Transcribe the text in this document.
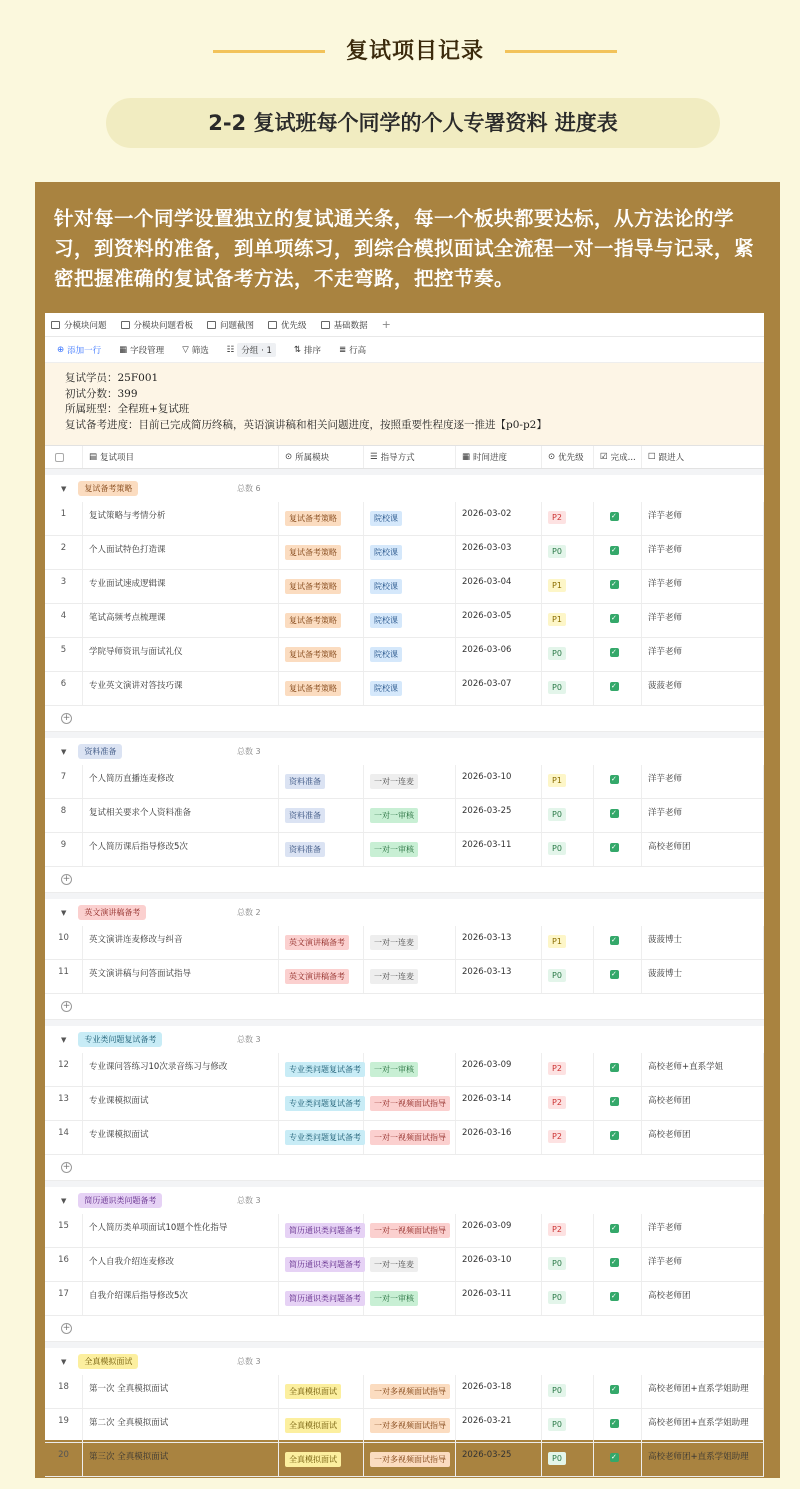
复试项目记录
2-2 复试班每个同学的个人专署资料 进度表
针对每一个同学设置独立的复试通关条，每一个板块都要达标，从方法论的学习，到资料的准备，到单项练习，到综合模拟面试全流程一对一指导与记录，紧密把握准确的复试备考方法，不走弯路，把控节奏。
分模块问题	分模块问题看板	问题截图	优先级	基础数据 +
⊕ 添加一行 ▦ 字段管理 ▽ 筛选 ☷ 分组 · 1	⇅ 排序 ≣ 行高
复试学员：25F001
初试分数：399
所属班型：全程班+复试班
复试备考进度：目前已完成简历终稿，英语演讲稿和相关问题进度，按照重要性程度逐一推进【p0-p2】
▤ 复试项目	⊙ 所属模块	☰ 指导方式	▦ 时间进度	⊙ 优先级 ☑ 完成... ☐ 跟进人
▼	复试备考策略	总数 6
1	复试策略与考情分析	复试备考策略	院校课	2026-03-02	P2 ✓	洋芋老师
2	个人面试特色打造课	复试备考策略	院校课	2026-03-03	P0 ✓	洋芋老师
3	专业面试速成逻辑课	复试备考策略	院校课	2026-03-04	P1 ✓	洋芋老师
4	笔试高频考点梳理课	复试备考策略	院校课	2026-03-05	P1 ✓	洋芋老师
5	学院导师资讯与面试礼仪	复试备考策略	院校课	2026-03-06	P0 ✓	洋芋老师
6	专业英文演讲对答技巧课	复试备考策略	院校课	2026-03-07	P0 ✓	菠菠老师
+
▼	资料准备	总数 3
7	个人简历直播连麦修改	资料准备	一对一连麦	2026-03-10	P1 ✓	洋芋老师
8	复试相关要求个人资料准备	资料准备	一对一审核	2026-03-25	P0 ✓	洋芋老师
9	个人简历课后指导修改5次	资料准备	一对一审核	2026-03-11	P0 ✓	高校老师团
+
▼	英文演讲稿备考	总数 2
10	英文演讲连麦修改与纠音	英文演讲稿备考	一对一连麦	2026-03-13	P1 ✓	菠菠博士
11	英文演讲稿与问答面试指导	英文演讲稿备考	一对一连麦	2026-03-13	P0 ✓	菠菠博士
+
▼	专业类问题复试备考	总数 3
12	专业课问答练习10次录音练习与修改	专业类问题复试备考	一对一审核	2026-03-09	P2 ✓	高校老师+直系学姐
13	专业课模拟面试	专业类问题复试备考	一对一视频面试指导	2026-03-14	P2 ✓	高校老师团
14	专业课模拟面试	专业类问题复试备考	一对一视频面试指导	2026-03-16	P2 ✓	高校老师团
+
▼	简历通识类问题备考	总数 3
15	个人简历类单项面试10题个性化指导	简历通识类问题备考	一对一视频面试指导	2026-03-09	P2 ✓	洋芋老师
16	个人自我介绍连麦修改	简历通识类问题备考	一对一连麦	2026-03-10	P0 ✓	洋芋老师
17	自我介绍课后指导修改5次	简历通识类问题备考	一对一审核	2026-03-11	P0 ✓	高校老师团
+
▼	全真模拟面试	总数 3
18	第一次 全真模拟面试	全真模拟面试	一对多视频面试指导	2026-03-18	P0 ✓	高校老师团+直系学姐助理
19	第二次 全真模拟面试	全真模拟面试	一对多视频面试指导	2026-03-21	P0 ✓	高校老师团+直系学姐助理
20	第三次 全真模拟面试	全真模拟面试	一对多视频面试指导	2026-03-25	P0 ✓	高校老师团+直系学姐助理
